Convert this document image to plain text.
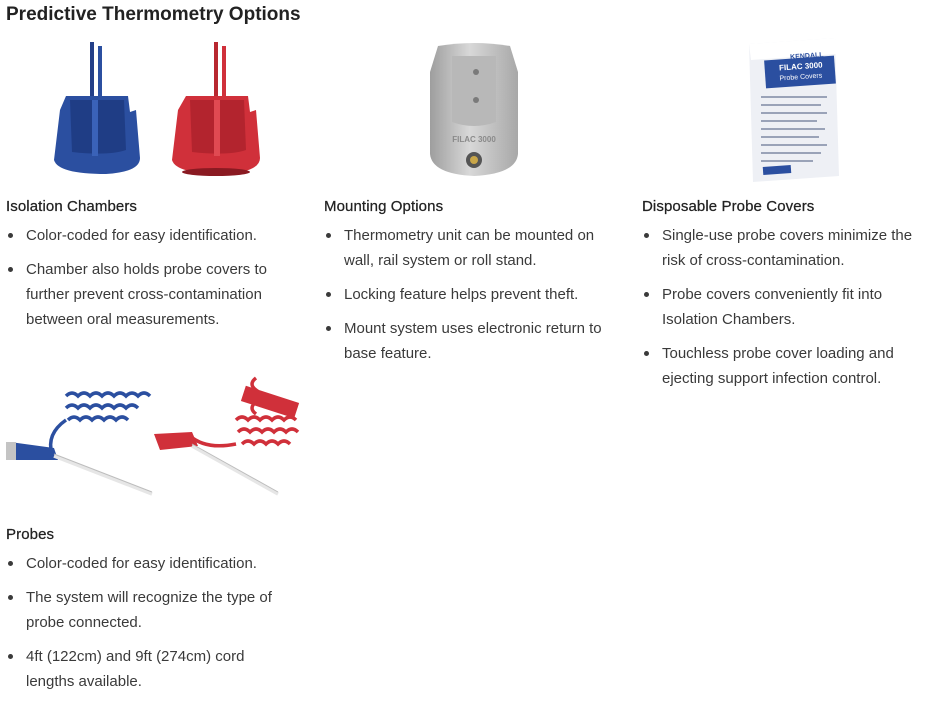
Predictive Thermometry Options
FILAC 3000
KENDALL
FILAC 3000
Probe Covers
Isolation Chambers
Color-coded for easy identification.
Chamber also holds probe covers to further prevent cross-contamination between oral measurements.
Mounting Options
Thermometry unit can be mounted on wall, rail system or roll stand.
Locking feature helps prevent theft.
Mount system uses electronic return to base feature.
Disposable Probe Covers
Single-use probe covers minimize the risk of cross-contamination.
Probe covers conveniently fit into Isolation Chambers.
Touchless probe cover loading and ejecting support infection control.
Probes
Color-coded for easy identification.
The system will recognize the type of probe connected.
4ft (122cm) and 9ft (274cm) cord lengths available.
